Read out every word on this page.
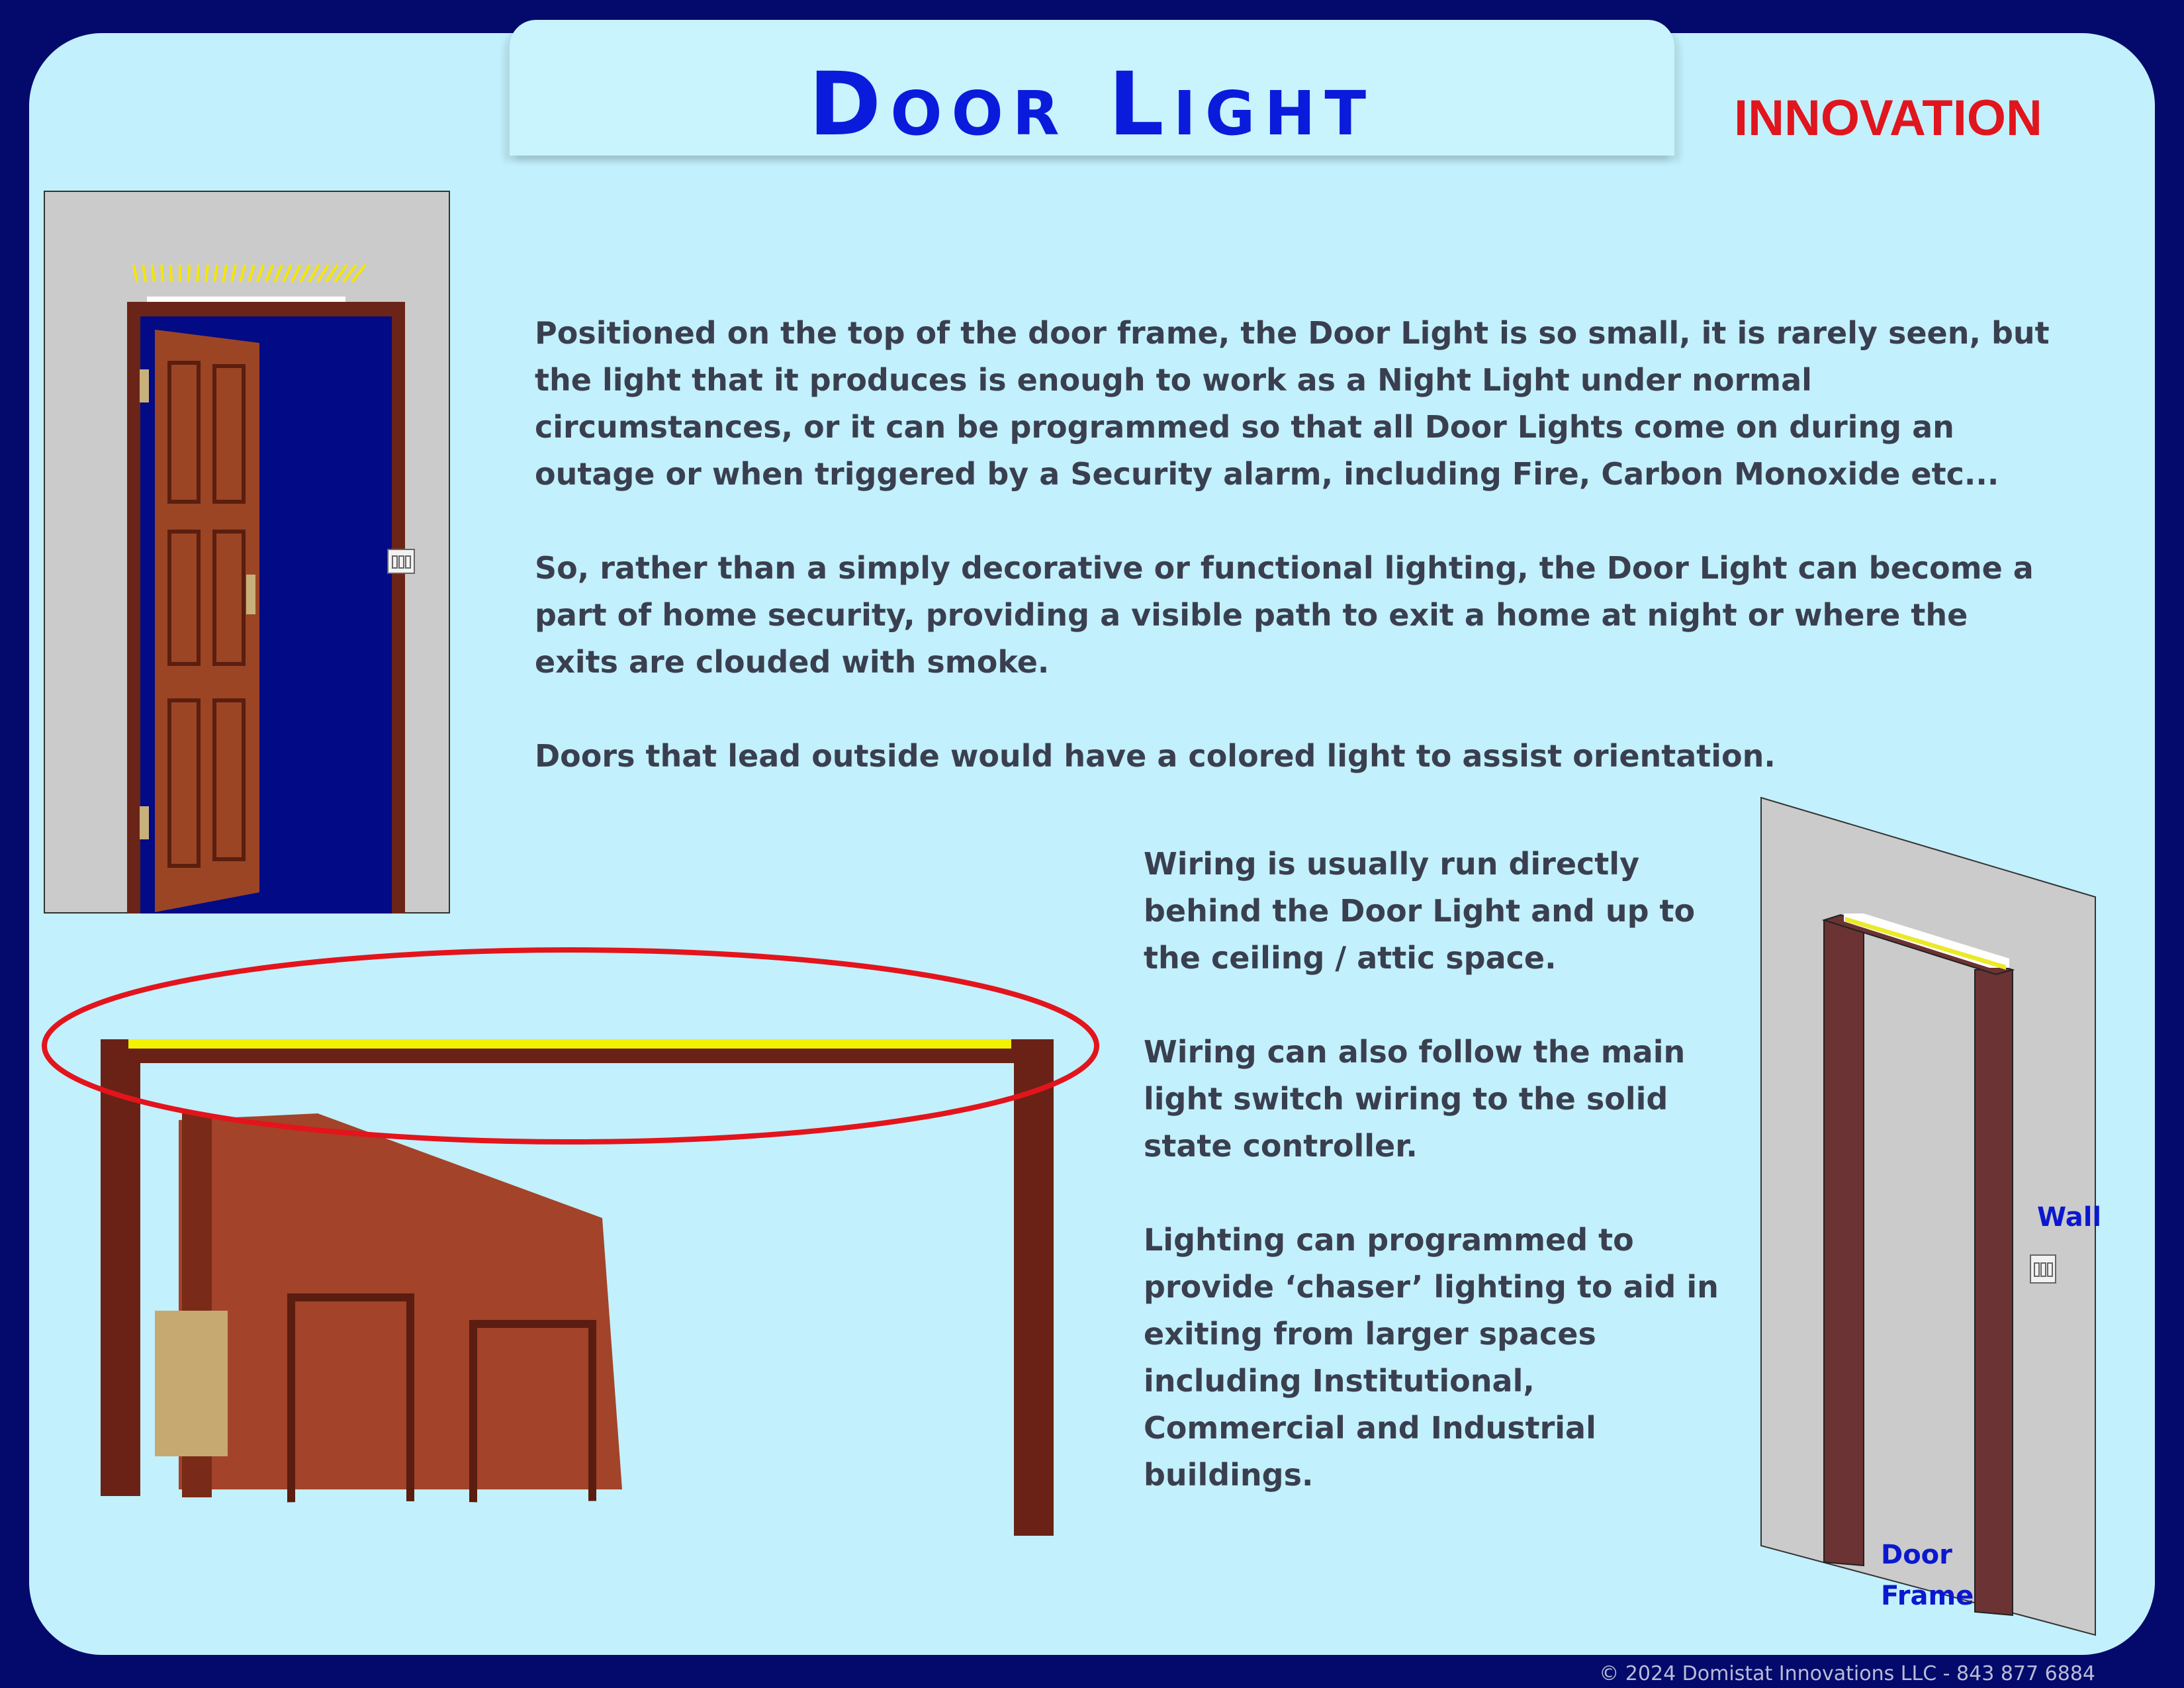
Door Light	INNOVATION

Positioned on the top of the door frame, the Door Light is so small, it is rarely seen, but the light that it produces is enough to work as a Night Light under normal circumstances, or it can be programmed so that all Door Lights come on during an outage or when triggered by a Security alarm, including Fire, Carbon Monoxide etc...

So, rather than a simply decorative or functional lighting, the Door Light can become a part of home security, providing a visible path to exit a home at night or where the exits are clouded with smoke.

Doors that lead outside would have a colored light to assist orientation.

Wiring is usually run directly behind the Door Light and up to the ceiling / attic space.

Wiring can also follow the main light switch wiring to the solid state controller.

Lighting can programmed to provide ‘chaser’ lighting to aid in exiting from larger spaces including Institutional, Commercial and Industrial buildings.

Wall
Door
Frame
© 2024 Domistat Innovations LLC - 843 877 6884
